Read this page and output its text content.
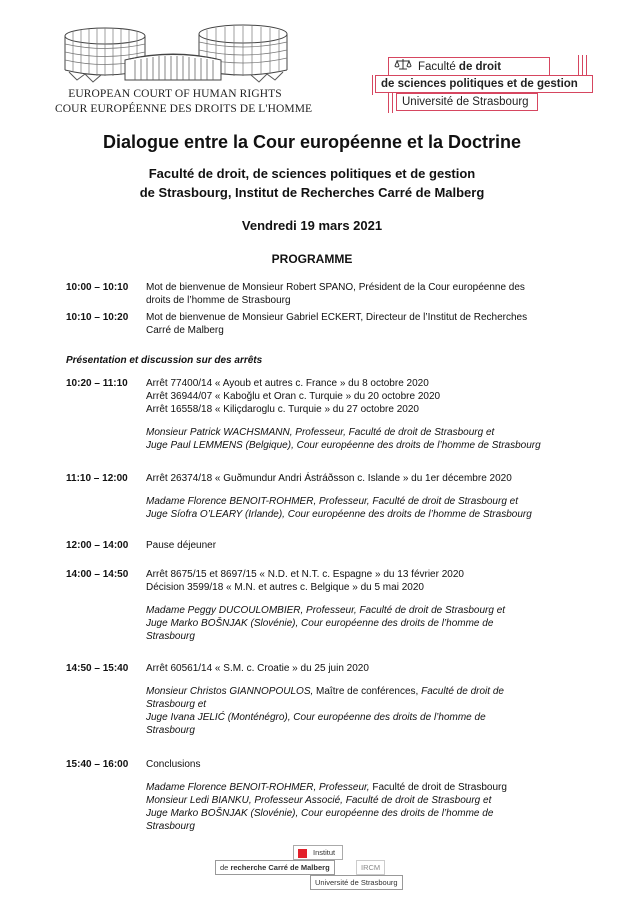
EUROPEAN COURT OF HUMAN RIGHTS
COUR EUROPÉENNE DES DROITS DE L'HOMME
Faculté de droit
de sciences politiques et de gestion
Université de Strasbourg
Dialogue entre la Cour européenne et la Doctrine
Faculté de droit, de sciences politiques et de gestion
de Strasbourg, Institut de Recherches Carré de Malberg
Vendredi 19 mars 2021
PROGRAMME
10:00 – 10:10	Mot de bienvenue de Monsieur Robert SPANO, Président de la Cour européenne des
droits de l’homme de Strasbourg
10:10 – 10:20	Mot de bienvenue de Monsieur Gabriel ECKERT, Directeur de l’Institut de Recherches
Carré de Malberg
Présentation et discussion sur des arrêts
10:20 – 11:10	Arrêt 77400/14 « Ayoub et autres c. France » du 8 octobre 2020
Arrêt 36944/07 « Kaboğlu et Oran c. Turquie » du 20 octobre 2020
Arrêt 16558/18 « Kiliçdaroglu c. Turquie » du 27 octobre 2020
Monsieur Patrick WACHSMANN, Professeur, Faculté de droit de Strasbourg et
Juge Paul LEMMENS (Belgique), Cour européenne des droits de l’homme de Strasbourg
11:10 – 12:00	Arrêt 26374/18 « Guðmundur Andri Ástráðsson c. Islande » du 1er décembre 2020
Madame Florence BENOIT-ROHMER, Professeur, Faculté de droit de Strasbourg et
Juge Síofra O’LEARY (Irlande), Cour européenne des droits de l’homme de Strasbourg
12:00 – 14:00	Pause déjeuner
14:00 – 14:50	Arrêt 8675/15 et 8697/15 « N.D. et N.T. c. Espagne » du 13 février 2020
Décision 3599/18 « M.N. et autres c. Belgique » du 5 mai 2020
Madame Peggy DUCOULOMBIER, Professeur, Faculté de droit de Strasbourg et
Juge Marko BOŠNJAK (Slovénie), Cour européenne des droits de l’homme de
Strasbourg
14:50 – 15:40	Arrêt 60561/14 « S.M. c. Croatie » du 25 juin 2020
Monsieur Christos GIANNOPOULOS, Maître de conférences, Faculté de droit de
Strasbourg et
Juge Ivana JELIĆ (Monténégro), Cour européenne des droits de l’homme de
Strasbourg
15:40 – 16:00	Conclusions
Madame Florence BENOIT-ROHMER, Professeur, Faculté de droit de Strasbourg
Monsieur Ledi BIANKU, Professeur Associé, Faculté de droit de Strasbourg et
Juge Marko BOŠNJAK (Slovénie), Cour européenne des droits de l’homme de
Strasbourg
Institut
de recherche Carré de Malberg	IRCM
Université de Strasbourg
